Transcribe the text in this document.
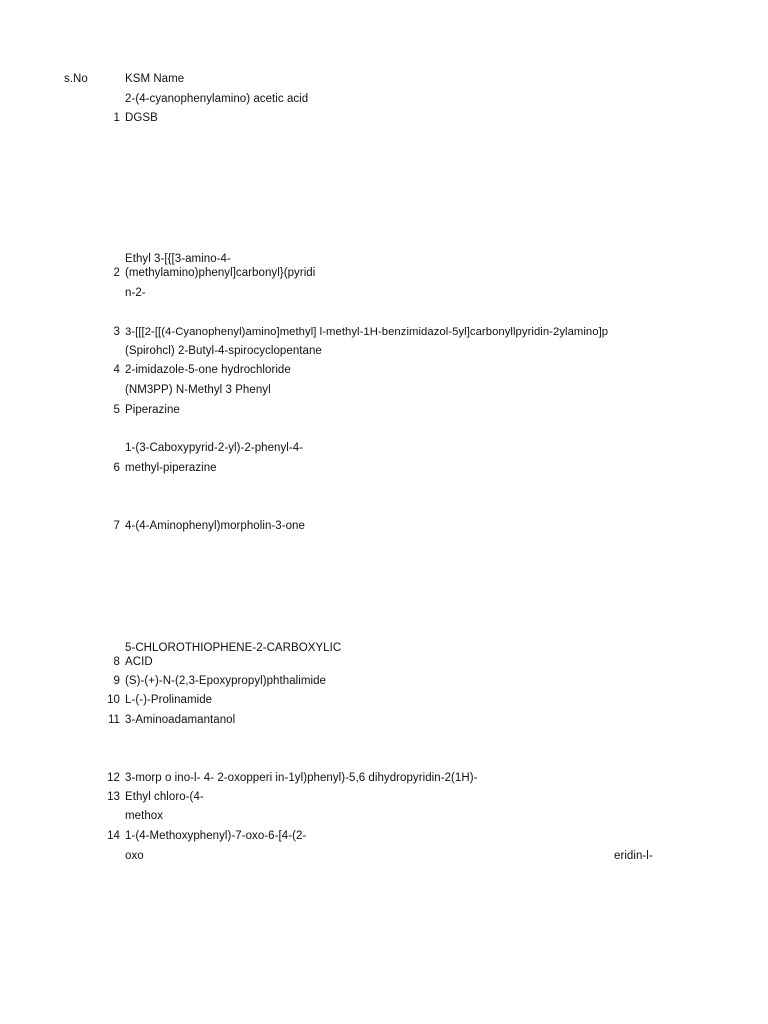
s.No	KSM Name
2-(4-cyanophenylamino) acetic acid
1 DGSB
Ethyl 3-[{[3-amino-4-
2 (methylamino)phenyl]carbonyl}(pyridi
n-2-
3 3-[[[2-[[(4-Cyanophenyl)amino]methyl] l-methyl-1H-benzimidazol-5yl]carbonyllpyridin-2ylamino]p
(Spirohcl) 2-Butyl-4-spirocyclopentane
4 2-imidazole-5-one hydrochloride
(NM3PP) N-Methyl 3 Phenyl
5 Piperazine
1-(3-Caboxypyrid-2-yl)-2-phenyl-4-
6 methyl-piperazine
7 4-(4-Aminophenyl)morpholin-3-one
5-CHLOROTHIOPHENE-2-CARBOXYLIC
8 ACID
9 (S)-(+)-N-(2,3-Epoxypropyl)phthalimide
10 L-(-)-Prolinamide
11 3-Aminoadamantanol
12 3-morp o ino-l- 4- 2-oxopperi in-1yl)phenyl)-5,6 dihydropyridin-2(1H)-
13 Ethyl chloro-(4-
methox
14 1-(4-Methoxyphenyl)-7-oxo-6-[4-(2-
oxo	eridin-l-
